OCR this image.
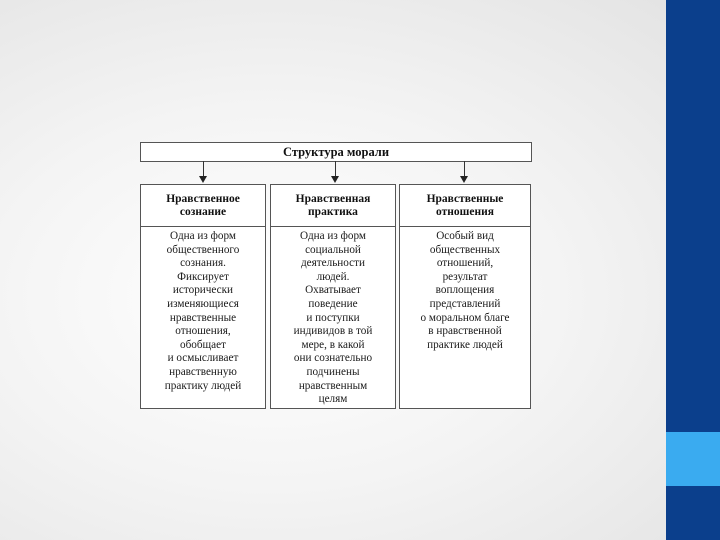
Структура морали
Нравственное
сознание
Одна из форм
общественного
сознания.
Фиксирует
исторически
изменяющиеся
нравственные
отношения,
обобщает
и осмысливает
нравственную
практику людей
Нравственная
практика
Одна из форм
социальной
деятельности
людей.
Охватывает
поведение
и поступки
индивидов в той
мере, в какой
они сознательно
подчинены
нравственным
целям
Нравственные
отношения
Особый вид
общественных
отношений,
результат
воплощения
представлений
о моральном благе
в нравственной
практике людей
